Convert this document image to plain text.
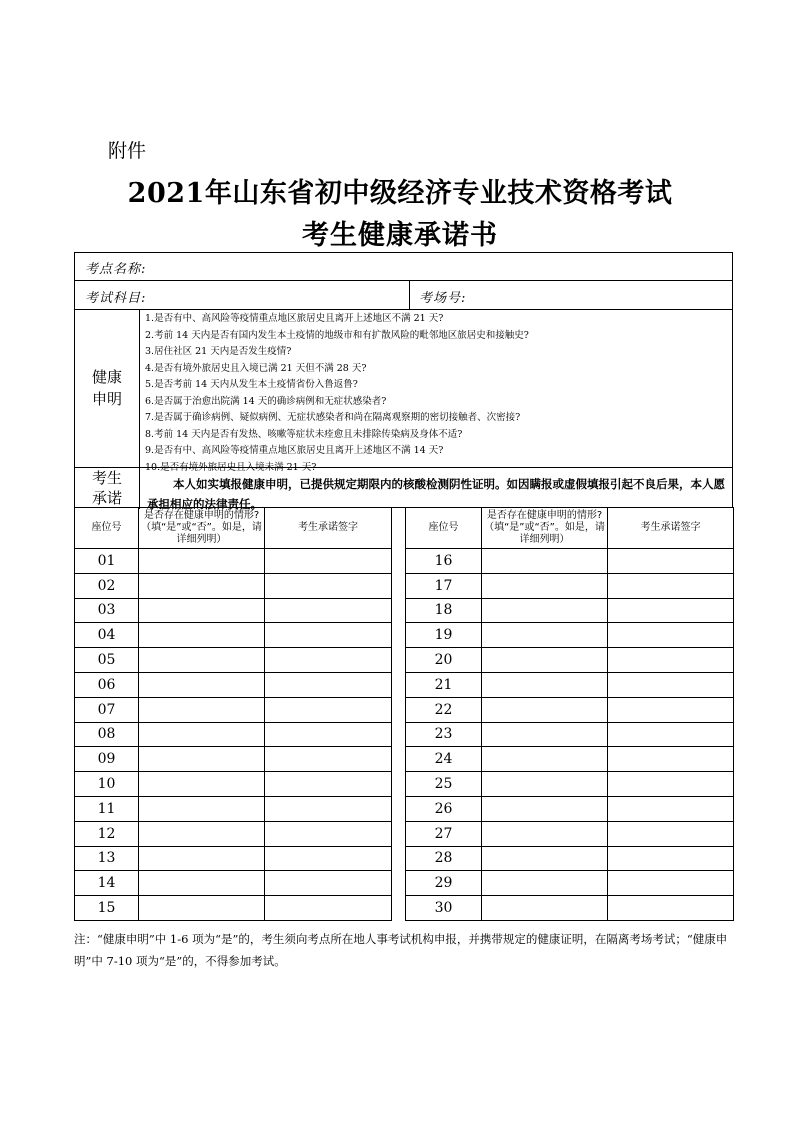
附件
2021年山东省初中级经济专业技术资格考试
考生健康承诺书
考点名称:
考试科目:	考场号:
健康
申明
1.是否有中、高风险等疫情重点地区旅居史且离开上述地区不满 21 天?
2.考前 14 天内是否有国内发生本土疫情的地级市和有扩散风险的毗邻地区旅居史和接触史?
3.居住社区 21 天内是否发生疫情?
4.是否有境外旅居史且入境已满 21 天但不满 28 天?
5.是否考前 14 天内从发生本土疫情省份入鲁返鲁?
6.是否属于治愈出院满 14 天的确诊病例和无症状感染者?
7.是否属于确诊病例、疑似病例、无症状感染者和尚在隔离观察期的密切接触者、次密接?
8.考前 14 天内是否有发热、咳嗽等症状未痊愈且未排除传染病及身体不适?
9.是否有中、高风险等疫情重点地区旅居史且离开上述地区不满 14 天?
10.是否有境外旅居史且入境未满 21 天?
考生
承诺
本人如实填报健康申明，已提供规定期限内的核酸检测阴性证明。如因瞒报或虚假填报引起不良后果，本人愿承担相应的法律责任。
座位号	是否存在健康申明的情形?（填“是”或“否”。如是，请详细列明）	考生承诺签字
01		
02		
03		
04		
05		
06		
07		
08		
09		
10		
11		
12		
13		
14		
15		
座位号	是否存在健康申明的情形?（填“是”或“否”。如是，请详细列明）	考生承诺签字
16		
17		
18		
19		
20		
21		
22		
23		
24		
25		
26		
27		
28		
29		
30		
注：“健康申明”中 1-6 项为“是”的，考生须向考点所在地人事考试机构申报，并携带规定的健康证明，在隔离考场考试；“健康申明”中 7-10 项为“是”的，不得参加考试。
